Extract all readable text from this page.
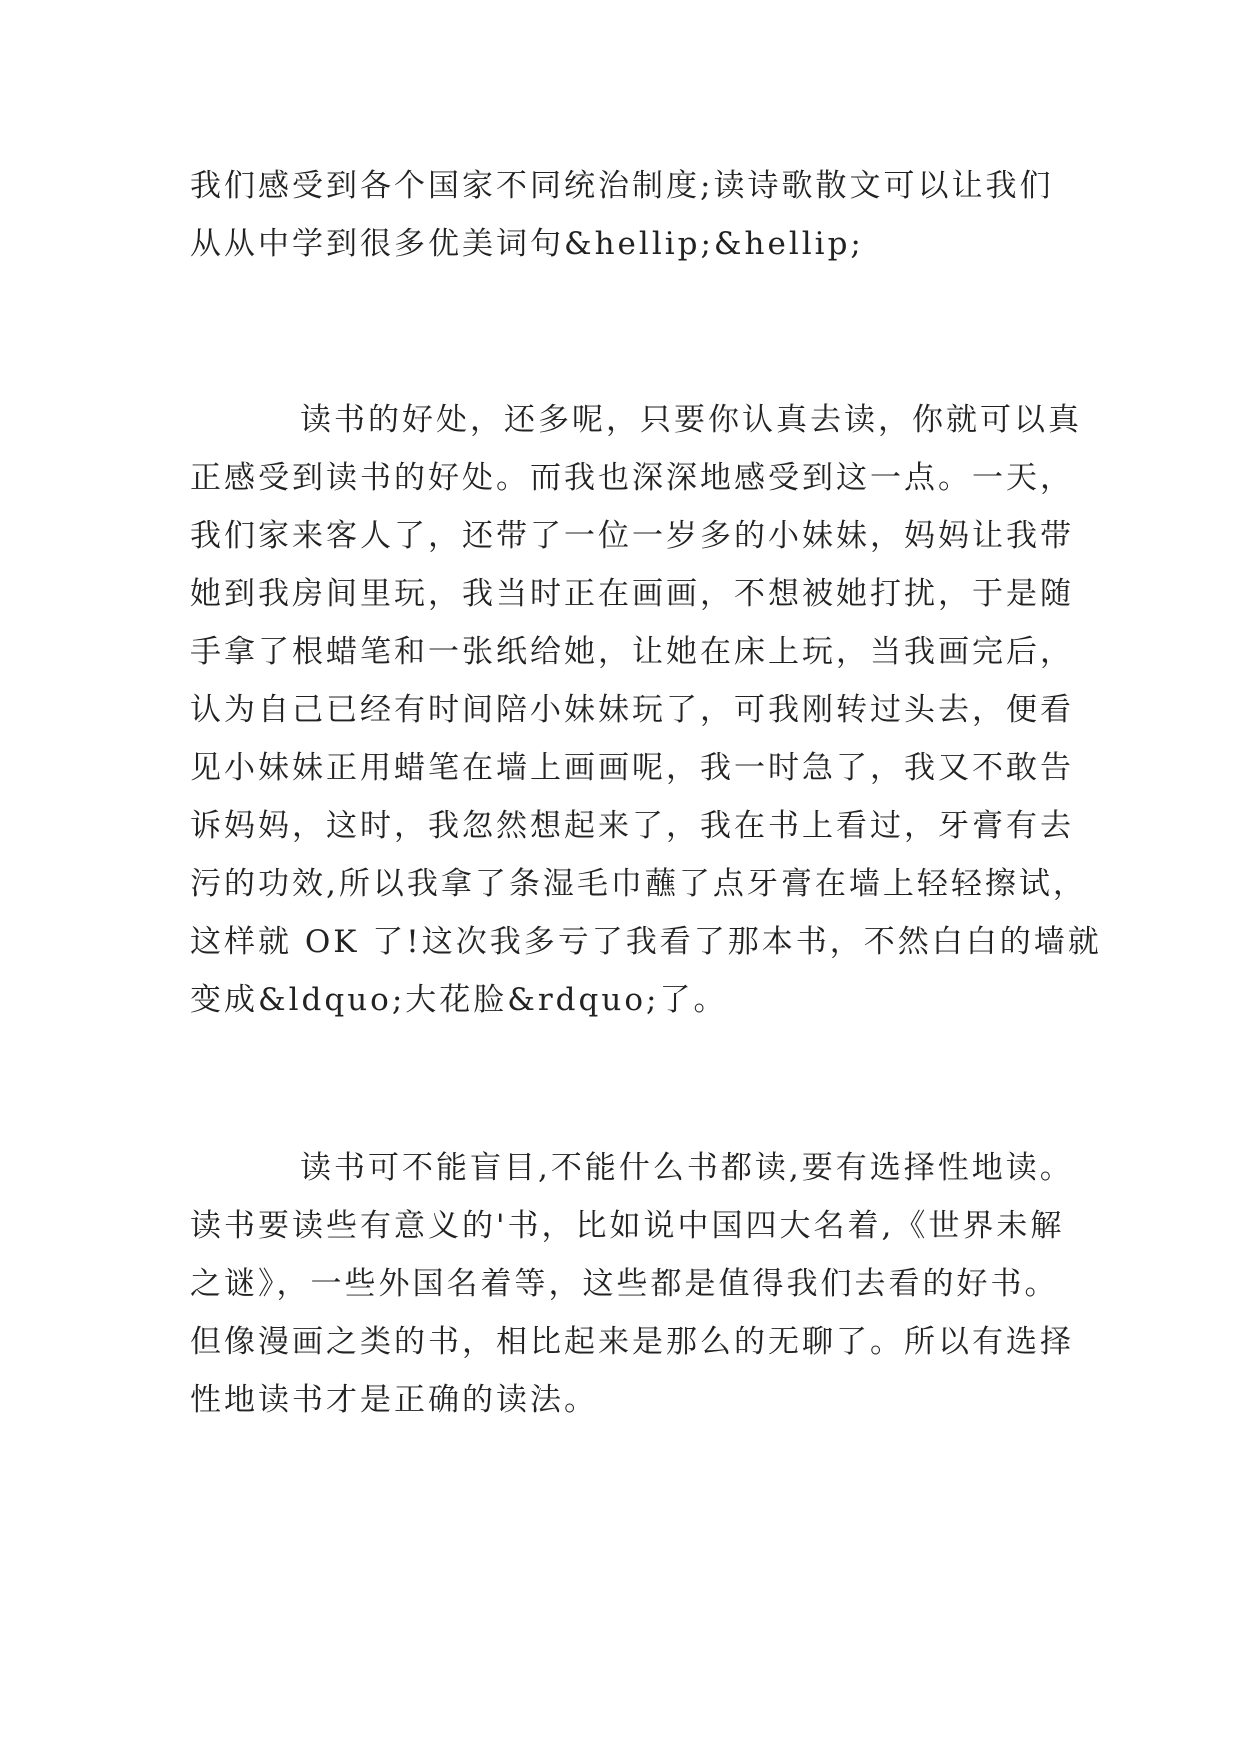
我们感受到各个国家不同统治制度;读诗歌散文可以让我们
从从中学到很多优美词句&hellip;&hellip;

读书的好处，还多呢，只要你认真去读，你就可以真
正感受到读书的好处。而我也深深地感受到这一点。一天，
我们家来客人了，还带了一位一岁多的小妹妹，妈妈让我带
她到我房间里玩，我当时正在画画，不想被她打扰，于是随
手拿了根蜡笔和一张纸给她，让她在床上玩，当我画完后，
认为自己已经有时间陪小妹妹玩了，可我刚转过头去，便看
见小妹妹正用蜡笔在墙上画画呢，我一时急了，我又不敢告
诉妈妈，这时，我忽然想起来了，我在书上看过，牙膏有去
污的功效,所以我拿了条湿毛巾蘸了点牙膏在墙上轻轻擦试，
这样就 OK 了!这次我多亏了我看了那本书，不然白白的墙就
变成&ldquo;大花脸&rdquo;了。

读书可不能盲目,不能什么书都读,要有选择性地读。
读书要读些有意义的'书，比如说中国四大名着,《世界未解
之谜》，一些外国名着等，这些都是值得我们去看的好书。
但像漫画之类的书，相比起来是那么的无聊了。所以有选择
性地读书才是正确的读法。
